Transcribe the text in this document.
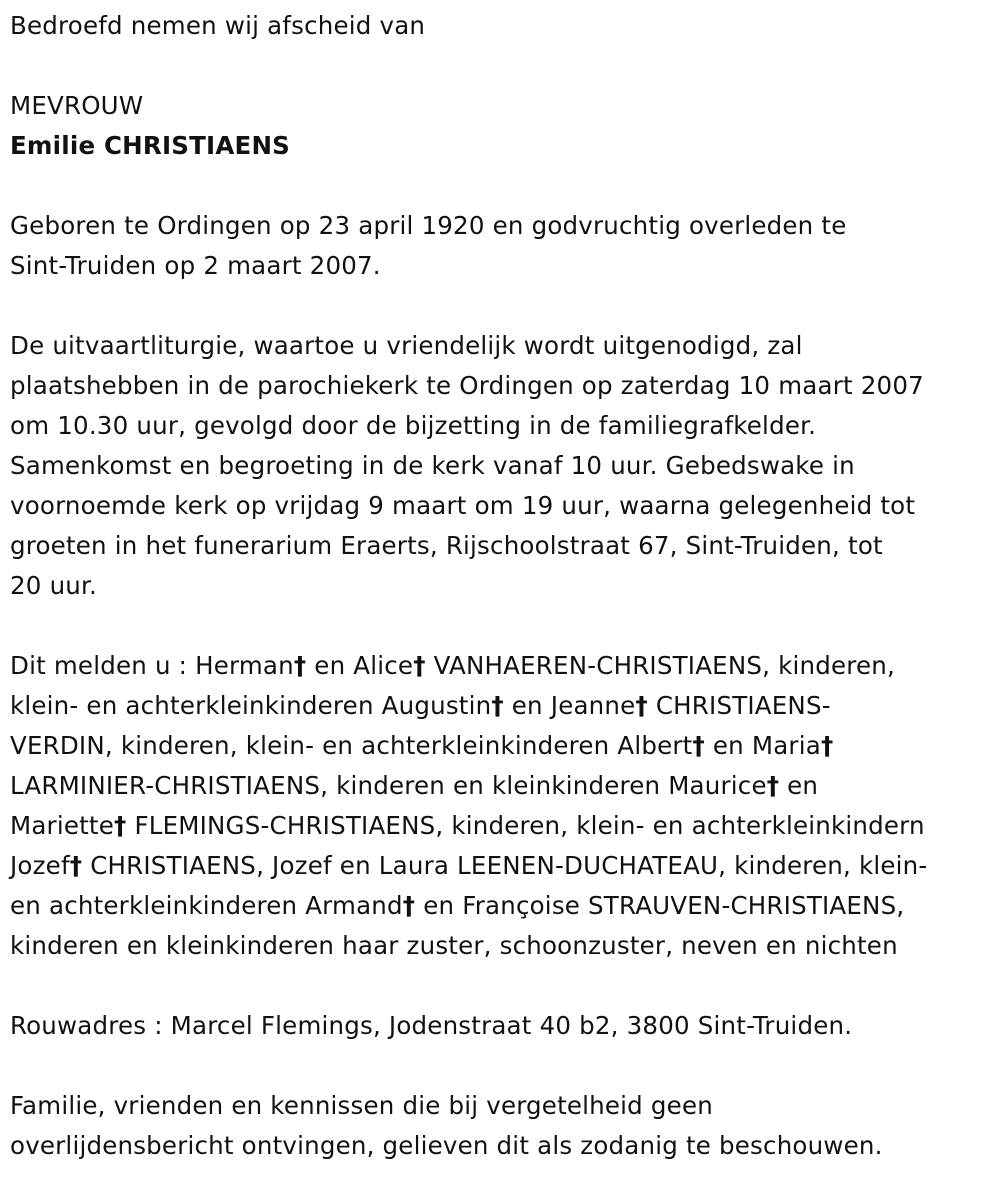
Bedroefd nemen wij afscheid van

MEVROUW

Emilie CHRISTIAENS

Geboren te Ordingen op 23 april 1920 en godvruchtig overleden te

Sint-Truiden op 2 maart 2007.

De uitvaartliturgie, waartoe u vriendelijk wordt uitgenodigd, zal

plaatshebben in de parochiekerk te Ordingen op zaterdag 10 maart 2007

om 10.30 uur, gevolgd door de bijzetting in de familiegrafkelder.

Samenkomst en begroeting in de kerk vanaf 10 uur. Gebedswake in

voornoemde kerk op vrijdag 9 maart om 19 uur, waarna gelegenheid tot

groeten in het funerarium Eraerts, Rijschoolstraat 67, Sint-Truiden, tot

20 uur.

Dit melden u : Herman† en Alice† VANHAEREN-CHRISTIAENS, kinderen,

klein- en achterkleinkinderen Augustin† en Jeanne† CHRISTIAENS-

VERDIN, kinderen, klein- en achterkleinkinderen Albert† en Maria†

LARMINIER-CHRISTIAENS, kinderen en kleinkinderen Maurice† en

Mariette† FLEMINGS-CHRISTIAENS, kinderen, klein- en achterkleinkindern

Jozef† CHRISTIAENS, Jozef en Laura LEENEN-DUCHATEAU, kinderen, klein-

en achterkleinkinderen Armand† en Françoise STRAUVEN-CHRISTIAENS,

kinderen en kleinkinderen haar zuster, schoonzuster, neven en nichten

Rouwadres : Marcel Flemings, Jodenstraat 40 b2, 3800 Sint-Truiden.

Familie, vrienden en kennissen die bij vergetelheid geen

overlijdensbericht ontvingen, gelieven dit als zodanig te beschouwen.
